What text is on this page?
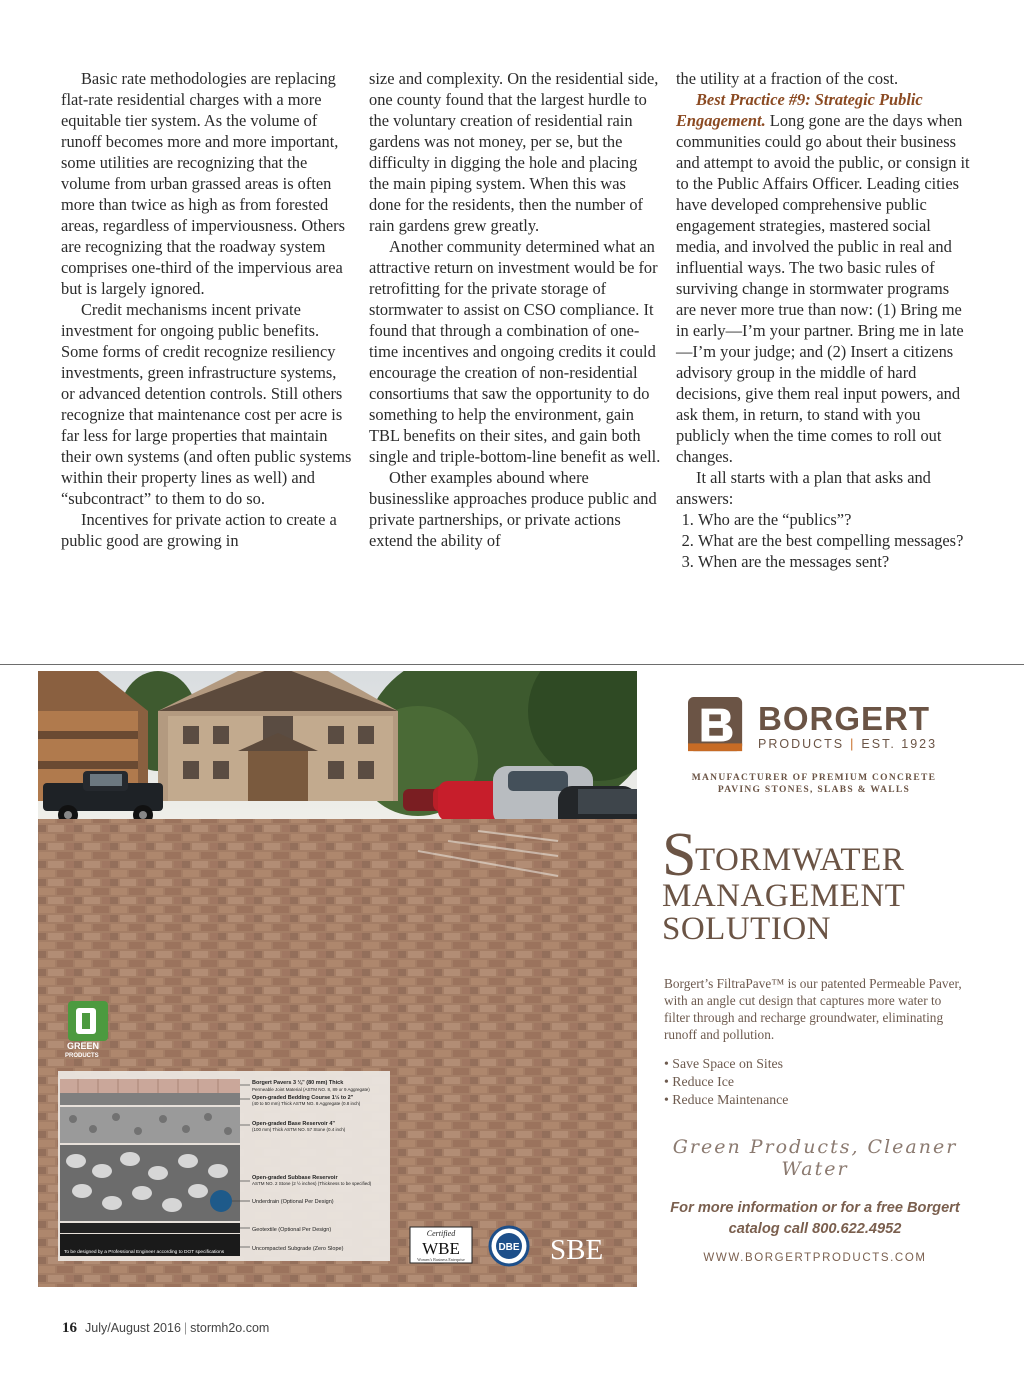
Basic rate methodologies are replacing flat-rate residential charges with a more equitable tier system. As the volume of runoff becomes more and more important, some utilities are recognizing that the volume from urban grassed areas is often more than twice as high as from forested areas, regardless of imperviousness. Others are recognizing that the roadway system comprises one-third of the impervious area but is largely ignored.

Credit mechanisms incent private investment for ongoing public benefits. Some forms of credit recognize resiliency investments, green infrastructure systems, or advanced detention controls. Still others recognize that maintenance cost per acre is far less for large properties that maintain their own systems (and often public systems within their property lines as well) and “subcontract” to them to do so.

Incentives for private action to create a public good are growing in

size and complexity. On the residential side, one county found that the largest hurdle to the voluntary creation of residential rain gardens was not money, per se, but the difficulty in digging the hole and placing the main piping system. When this was done for the residents, then the number of rain gardens grew greatly.

Another community determined what an attractive return on investment would be for retrofitting for the private storage of stormwater to assist on CSO compliance. It found that through a combination of one-time incentives and ongoing credits it could encourage the creation of non-residential consortiums that saw the opportunity to do something to help the environment, gain TBL benefits on their sites, and gain both single and triple-bottom-line benefit as well.

Other examples abound where businesslike approaches produce public and private partnerships, or private actions extend the ability of

the utility at a fraction of the cost.

Best Practice #9: Strategic Public Engagement. Long gone are the days when communities could go about their business and attempt to avoid the public, or consign it to the Public Affairs Officer. Leading cities have developed comprehensive public engagement strategies, mastered social media, and involved the public in real and influential ways. The two basic rules of surviving change in stormwater programs are never more true than now: (1) Bring me in early—I’m your partner. Bring me in late—I’m your judge; and (2) Insert a citizens advisory group in the middle of hard decisions, give them real input powers, and ask them, in return, to stand with you publicly when the time comes to roll out changes.

It all starts with a plan that asks and answers:

1. Who are the “publics”?
2. What are the best compelling messages?
3. When are the messages sent?
GREEN
PRODUCTS
Borgert Pavers 3 ⅛" (80 mm) Thick
Permeable Joint Material (ASTM NO. 8, 89 or 9 Aggregate)
Open-graded Bedding Course 1½ to 2"
(40 to 50 mm) Thick ASTM NO. 8 Aggregate (0.8 inch)
Open-graded Base Reservoir 4"
(100 mm) Thick ASTM NO. 57 Stone (0.4 inch)
Open-graded Subbase Reservoir
ASTM NO. 2 Stone (2 ½ inches) (Thickness to be specified)
Underdrain (Optional Per Design)
Geotextile (Optional Per Design)
Uncompacted Subgrade (Zero Slope)
To be designed by a Professional Engineer according to DOT specifications
Certified
WBE
Women’s Business Enterprise
DBE SBE
BORGERT
PRODUCTS | EST. 1923
MANUFACTURER OF PREMIUM CONCRETE
PAVING STONES, SLABS & WALLS
STORMWATER
MANAGEMENT
SOLUTION
Borgert’s FiltraPave™ is our patented Permeable Paver, with an angle cut design that captures more water to filter through and recharge groundwater, eliminating runoff and pollution.
• Save Space on Sites
• Reduce Ice
• Reduce Maintenance
Green Products, Cleaner Water
For more information or for a free Borgert catalog call 800.622.4952
WWW.BORGERTPRODUCTS.COM
16 July/August 2016 | stormh2o.com
